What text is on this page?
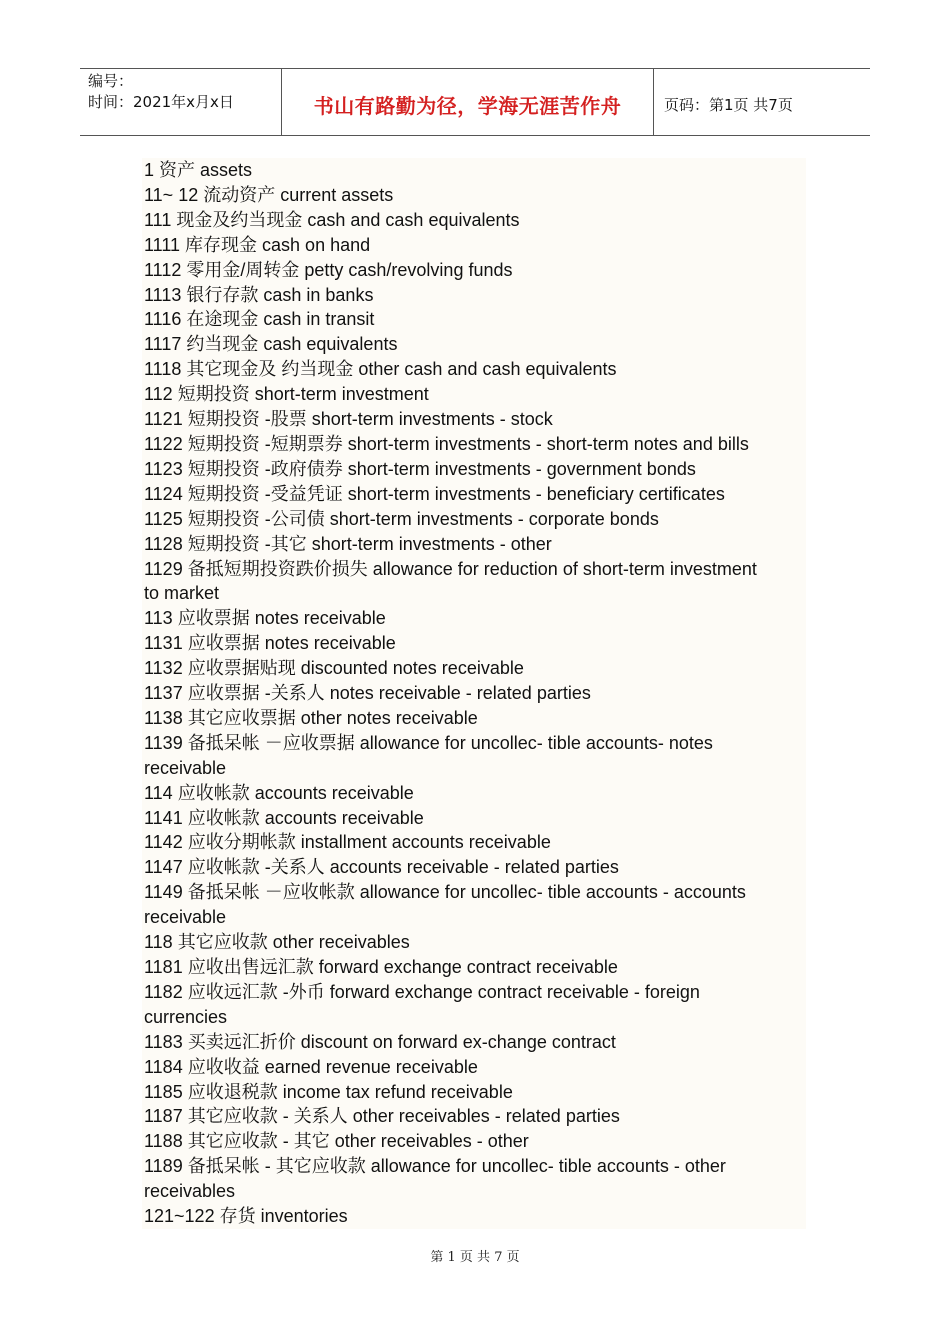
编号：
时间：2021年x月x日	书山有路勤为径，学海无涯苦作舟	页码：第1页 共7页
1 资产 assets
11~ 12 流动资产 current assets
111 现金及约当现金 cash and cash equivalents
1111 库存现金 cash on hand
1112 零用金/周转金 petty cash/revolving funds
1113 银行存款 cash in banks
1116 在途现金 cash in transit
1117 约当现金 cash equivalents
1118 其它现金及 约当现金 other cash and cash equivalents
112 短期投资 short-term investment
1121 短期投资 -股票 short-term investments - stock
1122 短期投资 -短期票券 short-term investments - short-term notes and bills
1123 短期投资 -政府债券 short-term investments - government bonds
1124 短期投资 -受益凭证 short-term investments - beneficiary certificates
1125 短期投资 -公司债 short-term investments - corporate bonds
1128 短期投资 -其它 short-term investments - other
1129 备抵短期投资跌价损失 allowance for reduction of short-term investment
to market
113 应收票据 notes receivable
1131 应收票据 notes receivable
1132 应收票据贴现 discounted notes receivable
1137 应收票据 -关系人 notes receivable - related parties
1138 其它应收票据 other notes receivable
1139 备抵呆帐 －应收票据 allowance for uncollec- tible accounts- notes
receivable
114 应收帐款 accounts receivable
1141 应收帐款 accounts receivable
1142 应收分期帐款 installment accounts receivable
1147 应收帐款 -关系人 accounts receivable - related parties
1149 备抵呆帐 －应收帐款 allowance for uncollec- tible accounts - accounts
receivable
118 其它应收款 other receivables
1181 应收出售远汇款 forward exchange contract receivable
1182 应收远汇款 -外币 forward exchange contract receivable - foreign
currencies
1183 买卖远汇折价 discount on forward ex-change contract
1184 应收收益 earned revenue receivable
1185 应收退税款 income tax refund receivable
1187 其它应收款 - 关系人 other receivables - related parties
1188 其它应收款 - 其它 other receivables - other
1189 备抵呆帐 - 其它应收款 allowance for uncollec- tible accounts - other
receivables
121~122 存货 inventories
第 1 页 共 7 页
